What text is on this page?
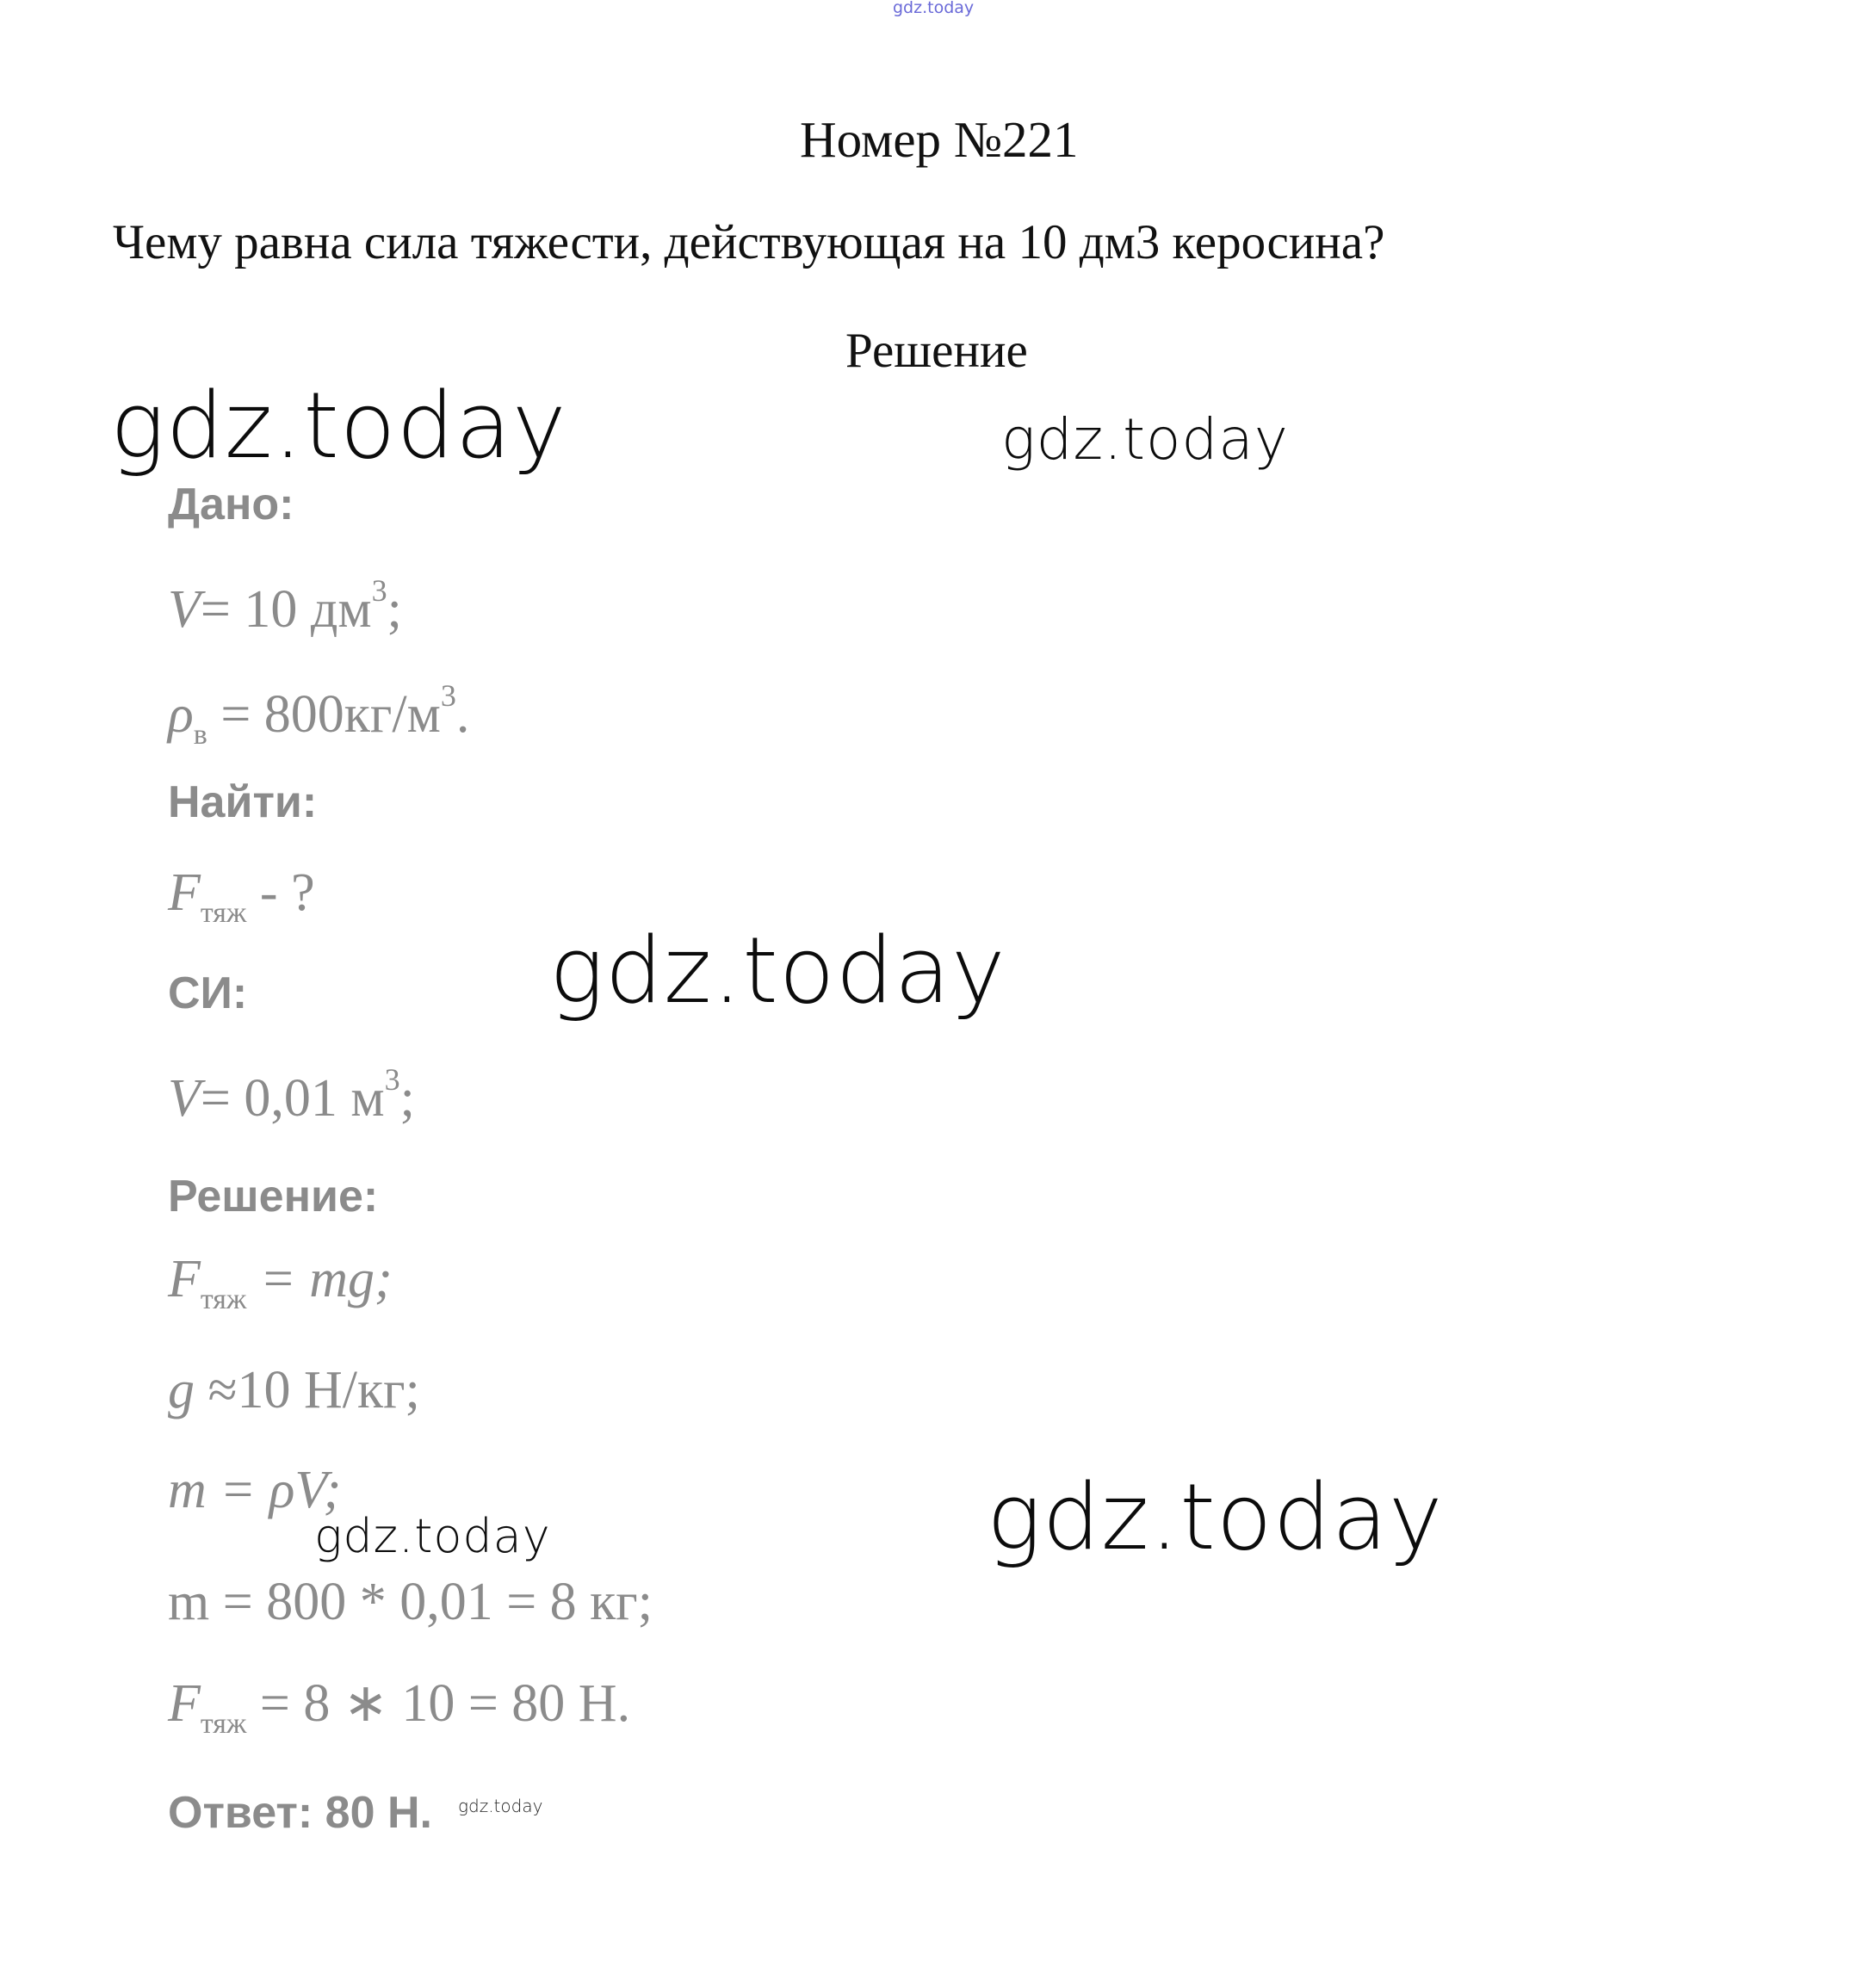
gdz.today
Номер №221
Чему равна сила тяжести, действующая на 10 дм3 керосина?
Решение
gdz.today	gdz.today
gdz.today
gdz.today	gdz.today
gdz.today
Дано:
V= 10 $дм^3$;
$\rho_в = 800кг/м^3$.
Найти:
$F_{тяж}$ - ?
СИ:
V= 0,01 $м^3$;
Решение:
$F_{тяж}$ = mg;
g ≈10 Н/кг;
m = ρV;
m = 800 * 0,01 = 8 кг;
$F_{тяж} = 8$ ∗ 10 = 80 Н.
Ответ: 80 Н.
